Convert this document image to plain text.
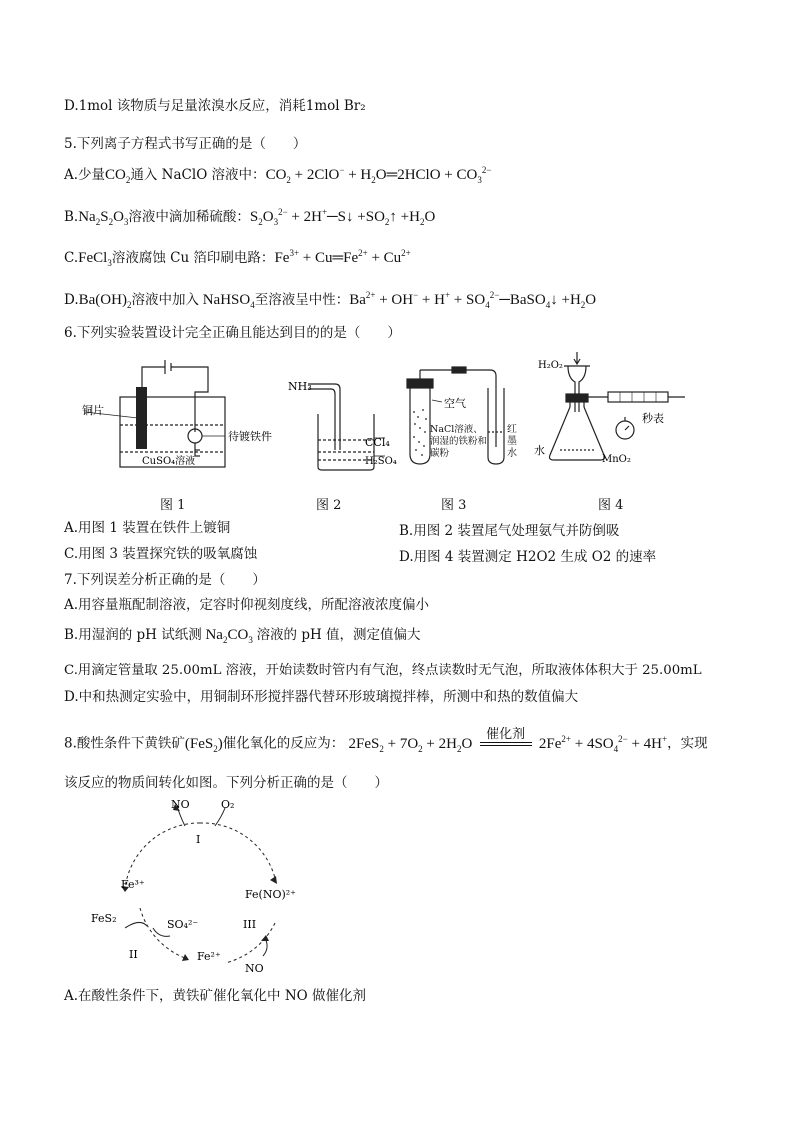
D.1mol 该物质与足量浓溴水反应，消耗1mol Br₂
5.下列离子方程式书写正确的是（　　）
A.少量$CO_2$通入 NaClO 溶液中：$CO_2 + 2ClO^-$ + $H_2O═2HClO + CO_3^{2-}$
$B.Na_2S_2O_3$溶液中滴加稀硫酸：$S_2O_3^{2-}$ + 2H+─S↓ $+SO_2↑ +H_2O$
C.FeCl$_3$溶液腐蚀 Cu 箔印刷电路：$Fe^{3+}$ + $Cu═Fe^{2+} + Cu^{2+}$
$D.Ba(OH)_2$溶液中加入 NaHSO$_4$至溶液呈中性：$Ba^{2+} + OH^- + H^+$ + $SO_4^{2-}─BaSO_4↓ +H_2O$
6.下列实验装置设计完全正确且能达到目的的是（　　）
铜片
待镀铁件
CuSO₄溶液
NH₃
CCl₄
H₂SO₄
空气
NaCl溶液、润湿的铁粉和碳粉
红墨水
H₂O₂
水
MnO₂
秒表
图 1	图 2	图 3	图 4
A.用图 1 装置在铁件上镀铜	B.用图 2 装置尾气处理氨气并防倒吸
C.用图 3 装置探究铁的吸氧腐蚀	D.用图 4 装置测定 H2O2 生成 O2 的速率
7.下列误差分析正确的是（　　）
A.用容量瓶配制溶液，定容时仰视刻度线，所配溶液浓度偏小
B.用湿润的 pH 试纸测 $Na_2CO_3$ 溶液的 pH 值，测定值偏大
C.用滴定管量取 25.00mL 溶液，开始读数时管内有气泡，终点读数时无气泡，所取液体体积大于 25.00mL
D.中和热测定实验中，用铜制环形搅拌器代替环形玻璃搅拌棒，所测中和热的数值偏大
8.酸性条件下黄铁矿(FeS$_2$)催化氧化的反应为： $2FeS_2 + 7O_2 + 2H_2O$
催化剂

$2Fe^{2+} + 4SO_4^{2-} + 4H^+$，实现
该反应的物质间转化如图。下列分析正确的是（　　）
NO	O₂
I
Fe³⁺
Fe(NO)²⁺
FeS₂	SO₄²⁻	III
II	Fe²⁺
NO
A.在酸性条件下，黄铁矿催化氧化中 NO 做催化剂
